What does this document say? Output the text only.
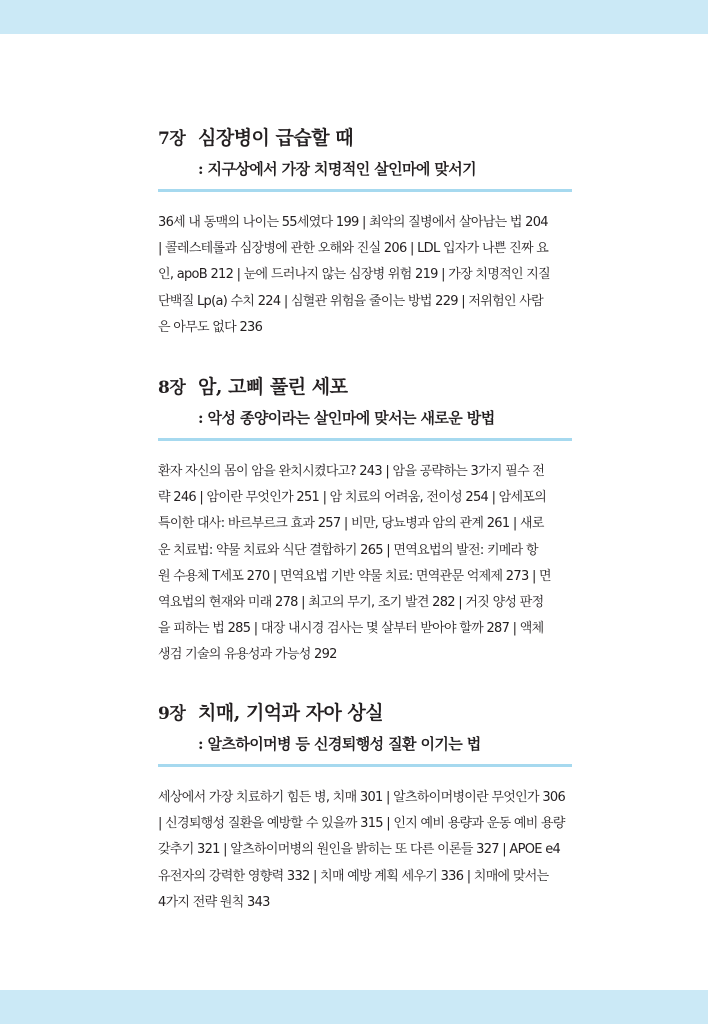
7장 심장병이 급습할 때
: 지구상에서 가장 치명적인 살인마에 맞서기
36세 내 동맥의 나이는 55세였다 199 | 최악의 질병에서 살아남는 법 204
| 콜레스테롤과 심장병에 관한 오해와 진실 206 | LDL 입자가 나쁜 진짜 요
인, apoB 212 | 눈에 드러나지 않는 심장병 위험 219 | 가장 치명적인 지질
단백질 Lp(a) 수치 224 | 심혈관 위험을 줄이는 방법 229 | 저위험인 사람
은 아무도 없다 236
8장 암, 고삐 풀린 세포
: 악성 종양이라는 살인마에 맞서는 새로운 방법
환자 자신의 몸이 암을 완치시켰다고? 243 | 암을 공략하는 3가지 필수 전
략 246 | 암이란 무엇인가 251 | 암 치료의 어려움, 전이성 254 | 암세포의
특이한 대사: 바르부르크 효과 257 | 비만, 당뇨병과 암의 관계 261 | 새로
운 치료법: 약물 치료와 식단 결합하기 265 | 면역요법의 발전: 키메라 항
원 수용체 T세포 270 | 면역요법 기반 약물 치료: 면역관문 억제제 273 | 면
역요법의 현재와 미래 278 | 최고의 무기, 조기 발견 282 | 거짓 양성 판정
을 피하는 법 285 | 대장 내시경 검사는 몇 살부터 받아야 할까 287 | 액체
생검 기술의 유용성과 가능성 292
9장 치매, 기억과 자아 상실
: 알츠하이머병 등 신경퇴행성 질환 이기는 법
세상에서 가장 치료하기 힘든 병, 치매 301 | 알츠하이머병이란 무엇인가 306
| 신경퇴행성 질환을 예방할 수 있을까 315 | 인지 예비 용량과 운동 예비 용량
갖추기 321 | 알츠하이머병의 원인을 밝히는 또 다른 이론들 327 | APOE e4
유전자의 강력한 영향력 332 | 치매 예방 계획 세우기 336 | 치매에 맞서는
4가지 전략 원칙 343
